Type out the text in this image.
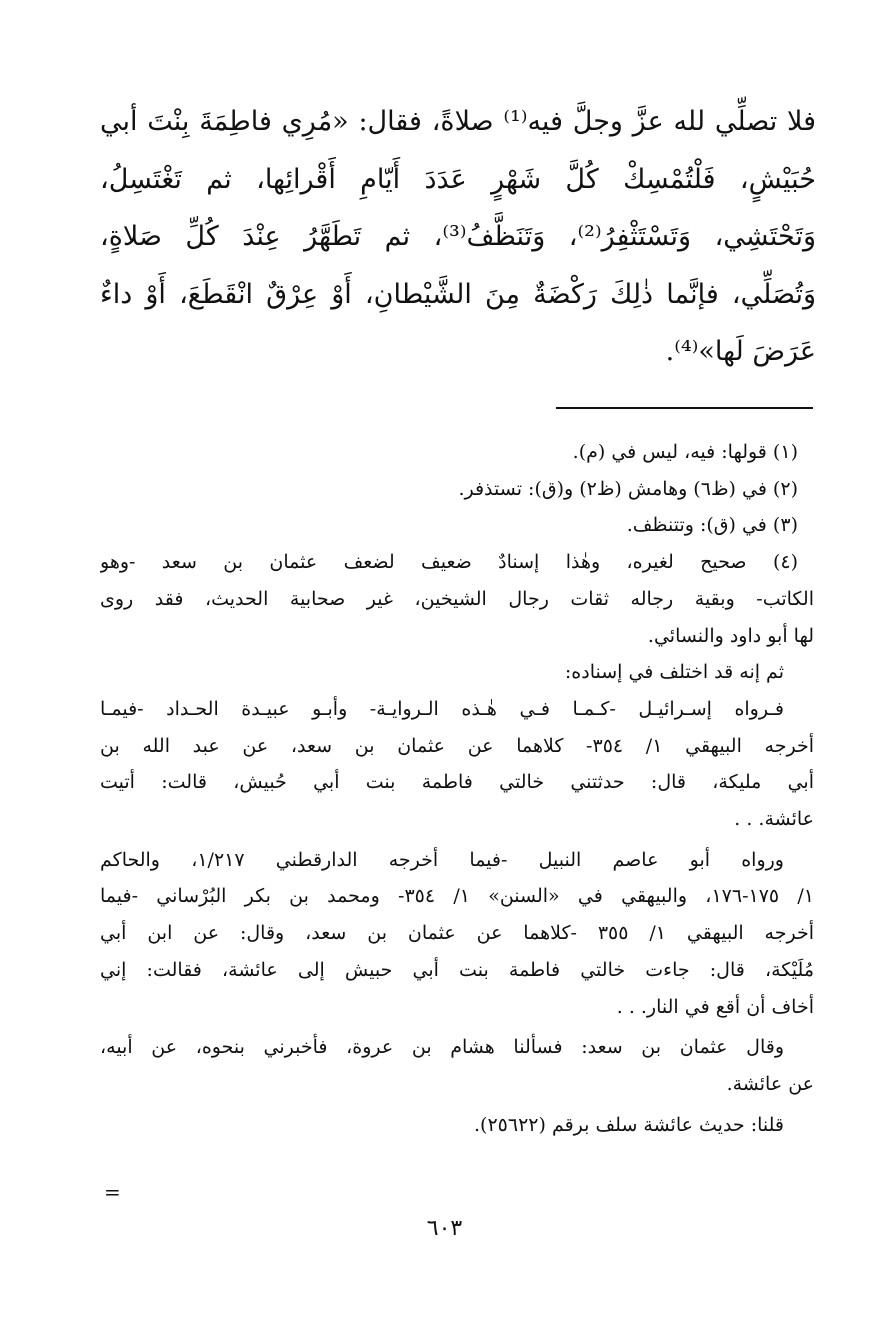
فلا تصلِّي لله عزَّ وجلَّ فيه⁽¹⁾ صلاةً، فقال: «مُرِي فاطِمَةَ بِنْتَ أبي
حُبَيْشٍ، فَلْتُمْسِكْ كُلَّ شَهْرٍ عَدَدَ أَيّامِ أَقْرائِها، ثم تَغْتَسِلُ،
وَتَحْتَشِي، وَتَسْتَثْفِرُ⁽²⁾، وَتَنَظَّفُ⁽³⁾، ثم تَطَهَّرُ عِنْدَ كُلِّ صَلاةٍ،
وَتُصَلِّي، فإنَّما ذٰلِكَ رَكْضَةٌ مِنَ الشَّيْطانِ، أَوْ عِرْقٌ انْقَطَعَ، أَوْ داءٌ
عَرَضَ لَها»⁽⁴⁾.
(١) قولها: فيه، ليس في (م).
(٢) في (ظ٦) وهامش (ظ٢) و(ق): تستذفر.
(٣) في (ق): وتتنظف.
(٤) صحيح لغيره، وهٰذا إسنادٌ ضعيف لضعف عثمان بن سعد -وهو
الكاتب- وبقية رجاله ثقات رجال الشيخين، غير صحابية الحديث، فقد روى
لها أبو داود والنسائي.
ثم إنه قد اختلف في إسناده:
فـرواه إسـرائيـل -كـمـا فـي هٰـذه الـروايـة- وأبـو عبيـدة الحـداد -فيمـا
أخرجه البيهقي ١/ ٣٥٤- كلاهما عن عثمان بن سعد، عن عبد الله بن
أبي مليكة، قال: حدثتني خالتي فاطمة بنت أبي حُبيش، قالت: أتيت
عائشة. . .
ورواه أبو عاصم النبيل -فيما أخرجه الدارقطني ١/٢١٧، والحاكم
١/ ١٧٥-١٧٦، والبيهقي في «السنن» ١/ ٣٥٤- ومحمد بن بكر البُرْساني -فيما
أخرجه البيهقي ١/ ٣٥٥ -كلاهما عن عثمان بن سعد، وقال: عن ابن أبي
مُلَيْكة، قال: جاءت خالتي فاطمة بنت أبي حبيش إلى عائشة، فقالت: إني
أخاف أن أقع في النار. . .
وقال عثمان بن سعد: فسألنا هشام بن عروة، فأخبرني بنحوه، عن أبيه،
عن عائشة.
قلنا: حديث عائشة سلف برقم (٢٥٦٢٢).
=
٦٠٣
